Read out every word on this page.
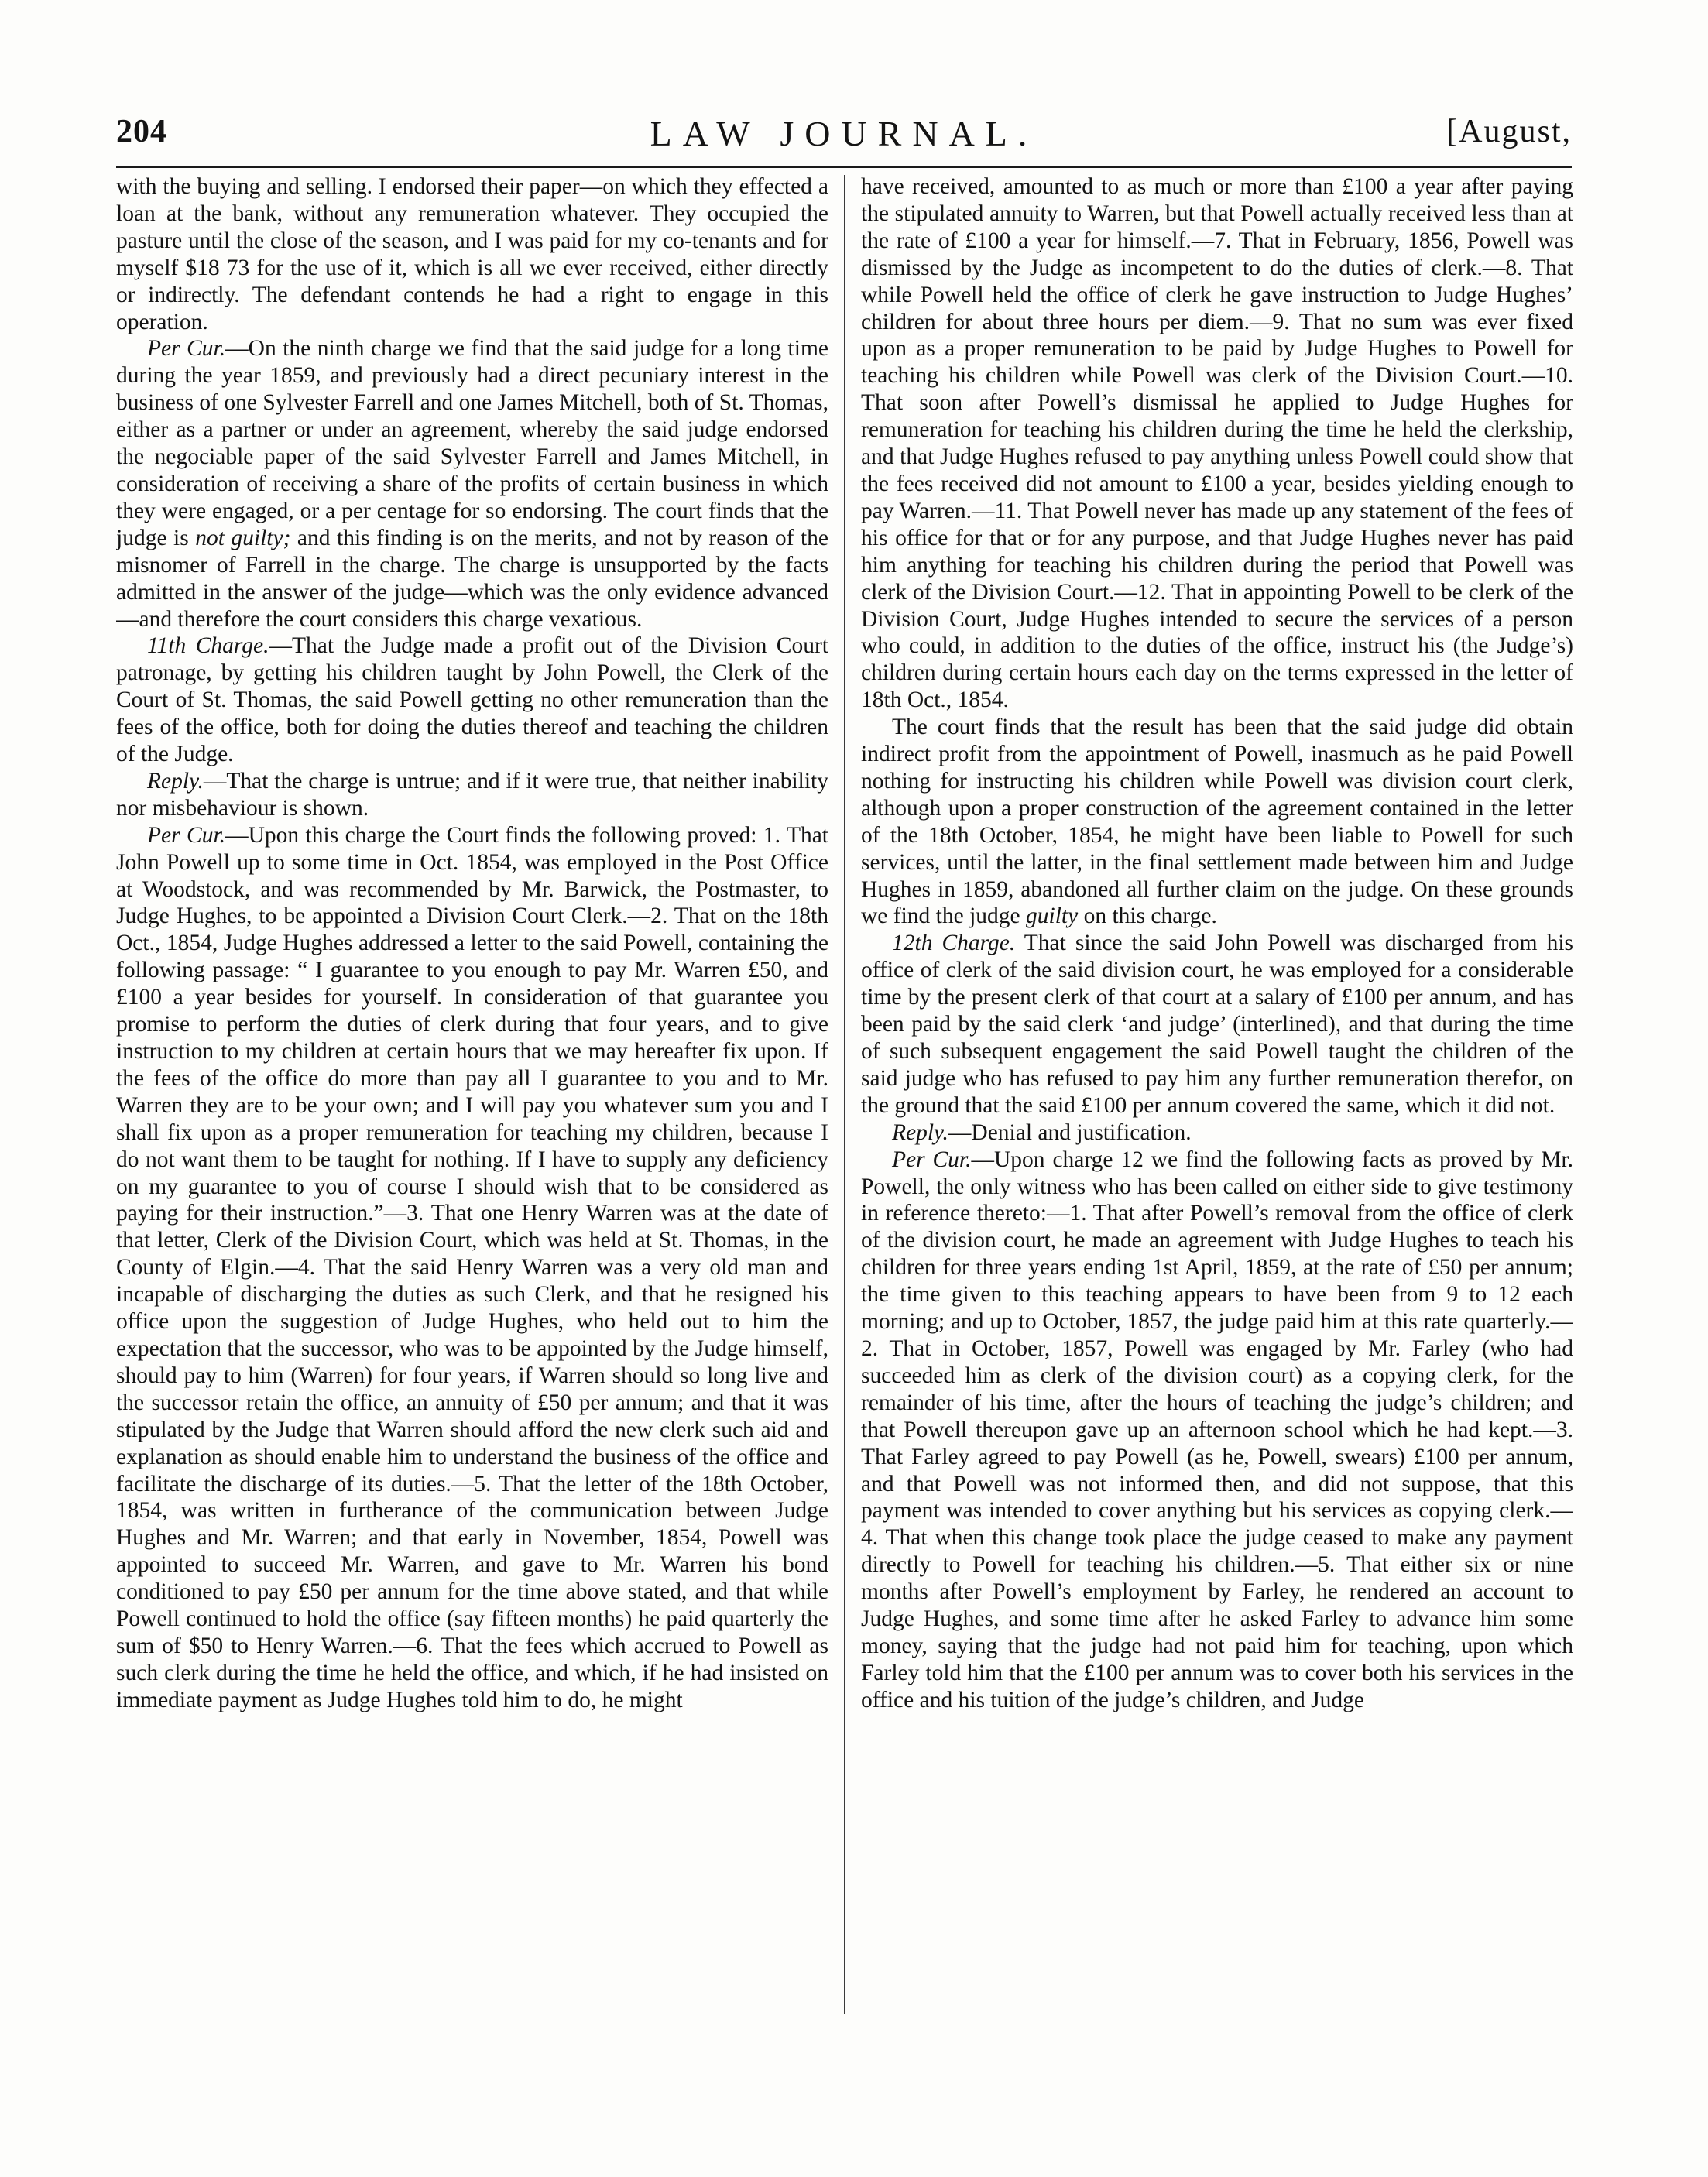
204	LAW JOURNAL.	[August,

with the buying and selling. I endorsed their paper—on which they effected a loan at the bank, without any remuneration whatever. They occupied the pasture until the close of the season, and I was paid for my co-tenants and for myself $18 73 for the use of it, which is all we ever received, either directly or indirectly. The defendant contends he had a right to engage in this operation.

Per Cur.—On the ninth charge we find that the said judge for a long time during the year 1859, and previously had a direct pecuniary interest in the business of one Sylvester Farrell and one James Mitchell, both of St. Thomas, either as a partner or under an agreement, whereby the said judge endorsed the negociable paper of the said Sylvester Farrell and James Mitchell, in consideration of receiving a share of the profits of certain business in which they were engaged, or a per centage for so endorsing. The court finds that the judge is not guilty; and this finding is on the merits, and not by reason of the misnomer of Farrell in the charge. The charge is unsupported by the facts admitted in the answer of the judge—which was the only evidence advanced—and therefore the court considers this charge vexatious.

11th Charge.—That the Judge made a profit out of the Division Court patronage, by getting his children taught by John Powell, the Clerk of the Court of St. Thomas, the said Powell getting no other remuneration than the fees of the office, both for doing the duties thereof and teaching the children of the Judge.

Reply.—That the charge is untrue; and if it were true, that neither inability nor misbehaviour is shown.

Per Cur.—Upon this charge the Court finds the following proved: 1. That John Powell up to some time in Oct. 1854, was employed in the Post Office at Woodstock, and was recommended by Mr. Barwick, the Postmaster, to Judge Hughes, to be appointed a Division Court Clerk.—2. That on the 18th Oct., 1854, Judge Hughes addressed a letter to the said Powell, containing the following passage: “ I guarantee to you enough to pay Mr. Warren £50, and £100 a year besides for yourself. In consideration of that guarantee you promise to perform the duties of clerk during that four years, and to give instruction to my children at certain hours that we may hereafter fix upon. If the fees of the office do more than pay all I guarantee to you and to Mr. Warren they are to be your own; and I will pay you whatever sum you and I shall fix upon as a proper remuneration for teaching my children, because I do not want them to be taught for nothing. If I have to supply any deficiency on my guarantee to you of course I should wish that to be considered as paying for their instruction.”—3. That one Henry Warren was at the date of that letter, Clerk of the Division Court, which was held at St. Thomas, in the County of Elgin.—4. That the said Henry Warren was a very old man and incapable of discharging the duties as such Clerk, and that he resigned his office upon the suggestion of Judge Hughes, who held out to him the expectation that the successor, who was to be appointed by the Judge himself, should pay to him (Warren) for four years, if Warren should so long live and the successor retain the office, an annuity of £50 per annum; and that it was stipulated by the Judge that Warren should afford the new clerk such aid and explanation as should enable him to understand the business of the office and facilitate the discharge of its duties.—5. That the letter of the 18th October, 1854, was written in furtherance of the communication between Judge Hughes and Mr. Warren; and that early in November, 1854, Powell was appointed to succeed Mr. Warren, and gave to Mr. Warren his bond conditioned to pay £50 per annum for the time above stated, and that while Powell continued to hold the office (say fifteen months) he paid quarterly the sum of $50 to Henry Warren.—6. That the fees which accrued to Powell as such clerk during the time he held the office, and which, if he had insisted on immediate payment as Judge Hughes told him to do, he might

have received, amounted to as much or more than £100 a year after paying the stipulated annuity to Warren, but that Powell actually received less than at the rate of £100 a year for himself.—7. That in February, 1856, Powell was dismissed by the Judge as incompetent to do the duties of clerk.—8. That while Powell held the office of clerk he gave instruction to Judge Hughes’ children for about three hours per diem.—9. That no sum was ever fixed upon as a proper remuneration to be paid by Judge Hughes to Powell for teaching his children while Powell was clerk of the Division Court.—10. That soon after Powell’s dismissal he applied to Judge Hughes for remuneration for teaching his children during the time he held the clerkship, and that Judge Hughes refused to pay anything unless Powell could show that the fees received did not amount to £100 a year, besides yielding enough to pay Warren.—11. That Powell never has made up any statement of the fees of his office for that or for any purpose, and that Judge Hughes never has paid him anything for teaching his children during the period that Powell was clerk of the Division Court.—12. That in appointing Powell to be clerk of the Division Court, Judge Hughes intended to secure the services of a person who could, in addition to the duties of the office, instruct his (the Judge’s) children during certain hours each day on the terms expressed in the letter of 18th Oct., 1854.

The court finds that the result has been that the said judge did obtain indirect profit from the appointment of Powell, inasmuch as he paid Powell nothing for instructing his children while Powell was division court clerk, although upon a proper construction of the agreement contained in the letter of the 18th October, 1854, he might have been liable to Powell for such services, until the latter, in the final settlement made between him and Judge Hughes in 1859, abandoned all further claim on the judge. On these grounds we find the judge guilty on this charge.

12th Charge. That since the said John Powell was discharged from his office of clerk of the said division court, he was employed for a considerable time by the present clerk of that court at a salary of £100 per annum, and has been paid by the said clerk ‘and judge’ (interlined), and that during the time of such subsequent engagement the said Powell taught the children of the said judge who has refused to pay him any further remuneration therefor, on the ground that the said £100 per annum covered the same, which it did not.

Reply.—Denial and justification.

Per Cur.—Upon charge 12 we find the following facts as proved by Mr. Powell, the only witness who has been called on either side to give testimony in reference thereto:—1. That after Powell’s removal from the office of clerk of the division court, he made an agreement with Judge Hughes to teach his children for three years ending 1st April, 1859, at the rate of £50 per annum; the time given to this teaching appears to have been from 9 to 12 each morning; and up to October, 1857, the judge paid him at this rate quarterly.—2. That in October, 1857, Powell was engaged by Mr. Farley (who had succeeded him as clerk of the division court) as a copying clerk, for the remainder of his time, after the hours of teaching the judge’s children; and that Powell thereupon gave up an afternoon school which he had kept.—3. That Farley agreed to pay Powell (as he, Powell, swears) £100 per annum, and that Powell was not informed then, and did not suppose, that this payment was intended to cover anything but his services as copying clerk.—4. That when this change took place the judge ceased to make any payment directly to Powell for teaching his children.—5. That either six or nine months after Powell’s employment by Farley, he rendered an account to Judge Hughes, and some time after he asked Farley to advance him some money, saying that the judge had not paid him for teaching, upon which Farley told him that the £100 per annum was to cover both his services in the office and his tuition of the judge’s children, and Judge
